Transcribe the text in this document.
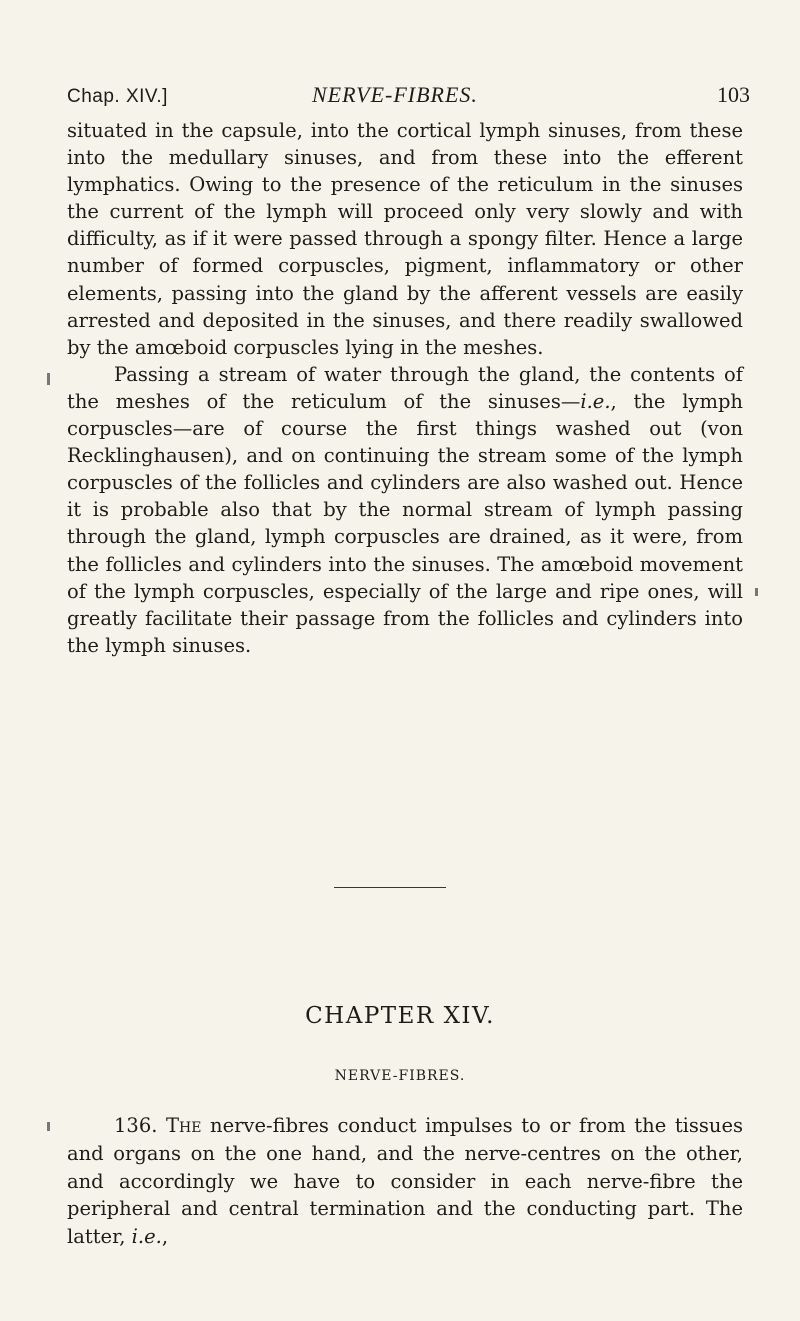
Chap. XIV.]	NERVE-FIBRES.	103

situated in the capsule, into the cortical lymph sinuses, from these into the medullary sinuses, and from these into the efferent lymphatics. Owing to the presence of the reticulum in the sinuses the current of the lymph will proceed only very slowly and with difficulty, as if it were passed through a spongy filter. Hence a large number of formed corpuscles, pigment, inflammatory or other elements, passing into the gland by the afferent vessels are easily arrested and deposited in the sinuses, and there readily swallowed by the amœboid corpuscles lying in the meshes.

Passing a stream of water through the gland, the contents of the meshes of the reticulum of the sinuses—i.e., the lymph corpuscles—are of course the first things washed out (von Recklinghausen), and on continuing the stream some of the lymph corpuscles of the follicles and cylinders are also washed out. Hence it is probable also that by the normal stream of lymph passing through the gland, lymph corpuscles are drained, as it were, from the follicles and cylinders into the sinuses. The amœboid movement of the lymph corpuscles, especially of the large and ripe ones, will greatly facilitate their passage from the follicles and cylinders into the lymph sinuses.

CHAPTER XIV.
NERVE-FIBRES.

136. The nerve-fibres conduct impulses to or from the tissues and organs on the one hand, and the nerve-centres on the other, and accordingly we have to consider in each nerve-fibre the peripheral and central termination and the conducting part. The latter, i.e.,
